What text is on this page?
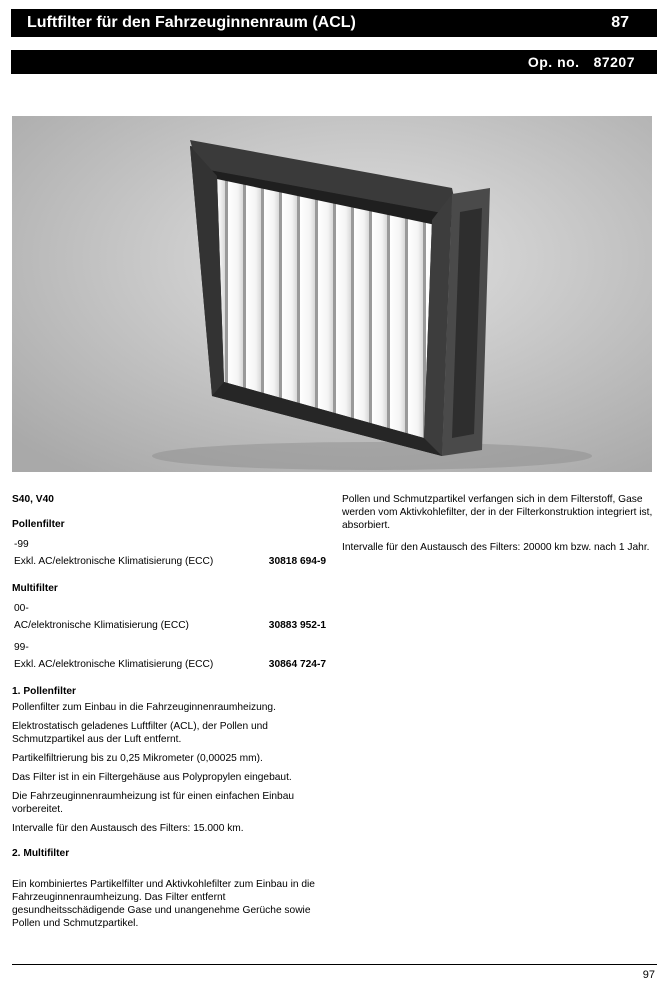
Luftfilter für den Fahrzeuginnenraum (ACL)	87
Op. no. 87207
S40, V40
Pollenfilter
-99
Exkl. AC/elektronische Klimatisierung (ECC)	30818 694-9
Multifilter
00-
AC/elektronische Klimatisierung (ECC)	30883 952-1
99-
Exkl. AC/elektronische Klimatisierung (ECC)	30864 724-7
1. Pollenfilter
Pollenfilter zum Einbau in die Fahrzeuginnenraumheizung.
Elektrostatisch geladenes Luftfilter (ACL), der Pollen und Schmutzpartikel aus der Luft entfernt.
Partikelfiltrierung bis zu 0,25 Mikrometer (0,00025 mm).
Das Filter ist in ein Filtergehäuse aus Polypropylen eingebaut.
Die Fahrzeuginnenraumheizung ist für einen einfachen Einbau vorbereitet.
Intervalle für den Austausch des Filters: 15.000 km.
2. Multifilter
Ein kombiniertes Partikelfilter und Aktivkohlefilter zum Einbau in die Fahrzeuginnenraumheizung. Das Filter entfernt gesundheitsschädigende Gase und unangenehme Gerüche sowie Pollen und Schmutzpartikel.
Pollen und Schmutzpartikel verfangen sich in dem Filterstoff, Gase werden vom Aktivkohlefilter, der in der Filterkonstruktion integriert ist, absorbiert.
Intervalle für den Austausch des Filters: 20000 km bzw. nach 1 Jahr.
97
